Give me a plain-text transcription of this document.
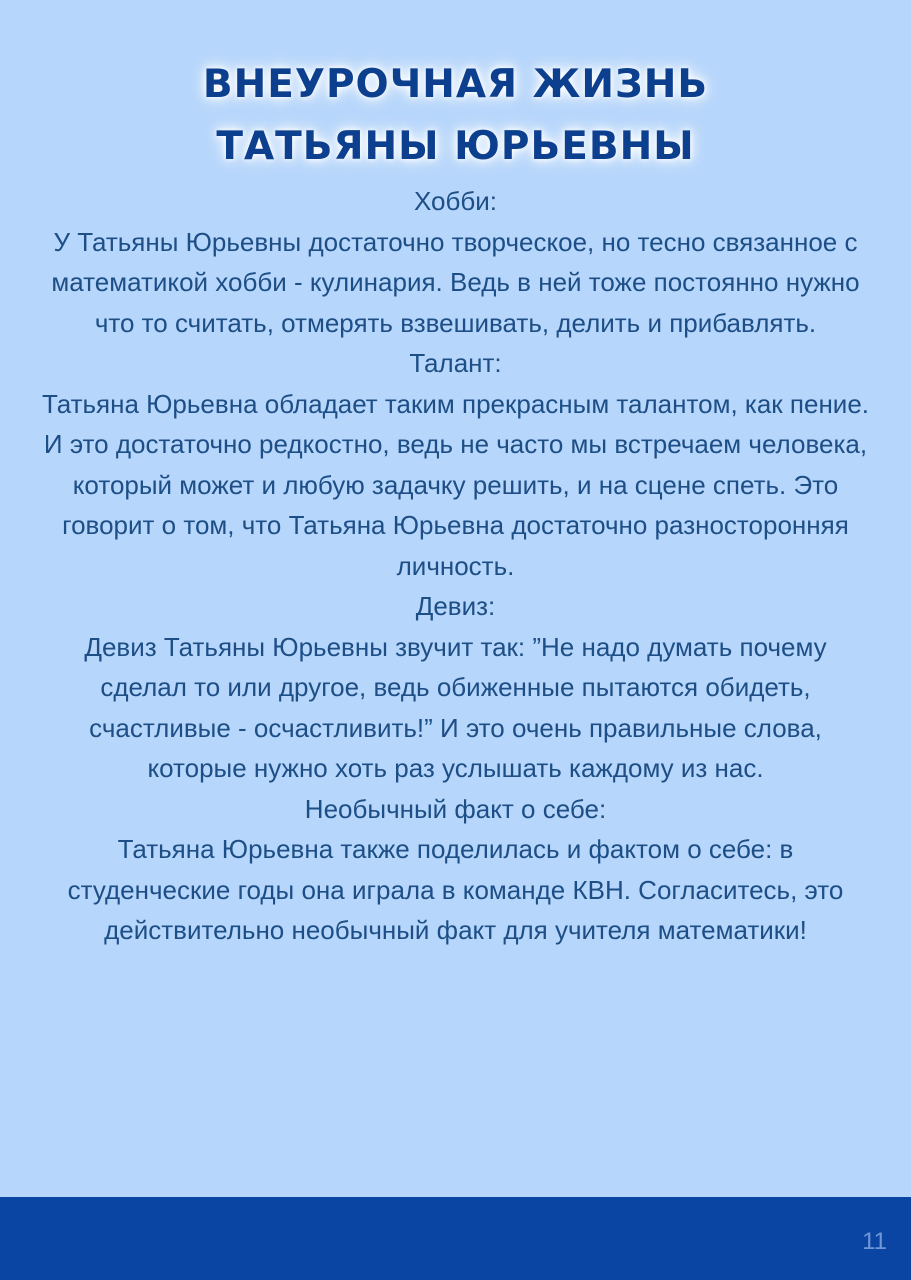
ВНЕУРОЧНАЯ ЖИЗНЬ
ТАТЬЯНЫ ЮРЬЕВНЫ

Хобби:

У Татьяны Юрьевны достаточно творческое, но тесно связанное с математикой хобби - кулинария. Ведь в ней тоже постоянно нужно что то считать, отмерять взвешивать, делить и прибавлять.

Талант:

Татьяна Юрьевна обладает таким прекрасным талантом, как пение. И это достаточно редкостно, ведь не часто мы встречаем человека, который может и любую задачку решить, и на сцене спеть. Это говорит о том, что Татьяна Юрьевна достаточно разносторонняя личность.

Девиз:

Девиз Татьяны Юрьевны звучит так: ”Не надо думать почему сделал то или другое, ведь обиженные пытаются обидеть, счастливые - осчастливить!” И это очень правильные слова, которые нужно хоть раз услышать каждому из нас.

Необычный факт о себе:

Татьяна Юрьевна также поделилась и фактом о себе: в студенческие годы она играла в команде КВН. Согласитесь, это действительно необычный факт для учителя математики!

11
